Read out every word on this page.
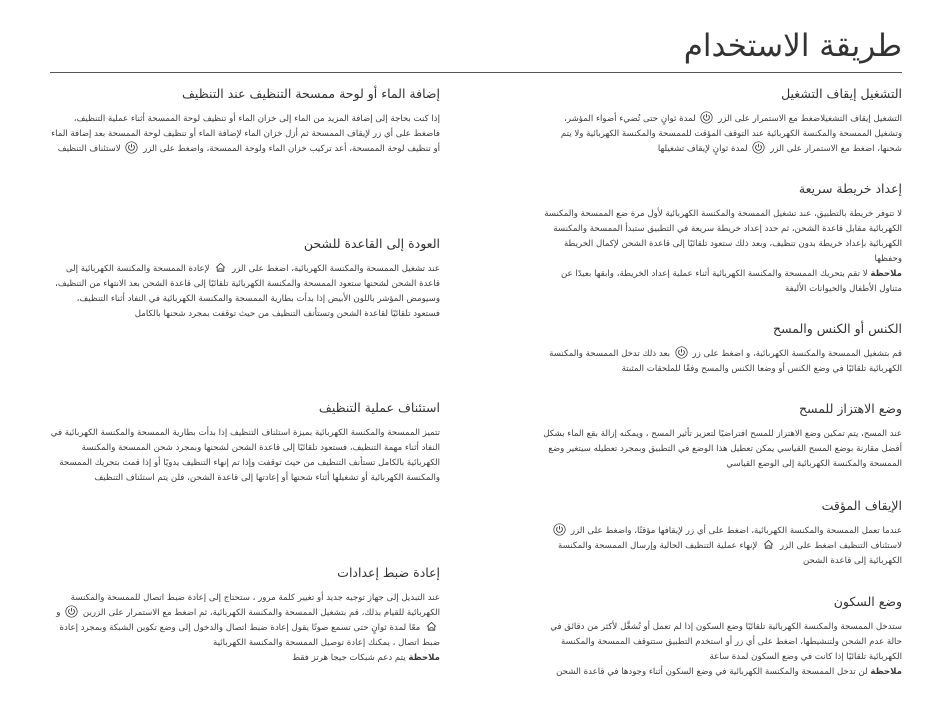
طريقة الاستخدام
التشغيل إيقاف التشغيل

التشغيل إيقاف التشغيلاضغط مع الاستمرار على الزر
لمدة ثوانٍ حتى تُضيء أضواء المؤشر، وتشغيل الممسحة والمكنسة الكهربائية عند التوقف المؤقت للممسحة والمكنسة الكهربائية ولا يتم شحنها، اضغط مع الاستمرار على الزر
لمدة ثوانٍ لإيقاف تشغيلها

إعداد خريطة سريعة

لا تتوفر خريطة بالتطبيق، عند تشغيل الممسحة والمكنسة الكهربائية لأول مرة ضع الممسحة والمكنسة الكهربائية مقابل قاعدة الشحن، ثم حدد إعداد خريطة سريعة في التطبيق ستبدأ الممسحة والمكنسة الكهربائية بإعداد خريطة بدون تنظيف، وبعد ذلك ستعود تلقائيًا إلى قاعدة الشحن لإكمال الخريطة وحفظها

ملاحظة لا تقم بتحريك الممسحة والمكنسة الكهربائية أثناء عملية إعداد الخريطة، وابقها بعيدًا عن متناول الأطفال والحيوانات الأليفة

الكنس أو الكنس والمسح

قم بتشغيل الممسحة والمكنسة الكهربائية، و اضغط على زر
بعد ذلك تدخل الممسحة والمكنسة الكهربائية تلقائيًا في وضع الكنس أو وضعا الكنس والمسح وفقًا للملحقات المثبتة

وضع الاهتزاز للمسح

عند المسح، يتم تمكين وضع الاهتزاز للمسح افتراضيًا لتعزيز تأثير المسح ، ويمكنه إزالة بقع الماء بشكل أفضل مقارنة بوضع المسح القياسي يمكن تعطيل هذا الوضع في التطبيق وبمجرد تعطيله سيتغير وضع الممسحة والمكنسة الكهربائية إلى الوضع القياسي

الإيقاف المؤقت

عندما تعمل الممسحة والمكنسة الكهربائية، اضغط على أي زر لإيقافها مؤقتًا، واضغط على الزر
لاستئناف التنظيف اضغط على الزر
لإنهاء عملية التنظيف الحالية وإرسال الممسحة والمكنسة الكهربائية إلى قاعدة الشحن

وضع السكون

ستدخل الممسحة والمكنسة الكهربائية تلقائيًا وضع السكون إذا لم تعمل أو تُشغَّل لأكثر من دقائق في حالة عدم الشحن ولتنشيطها، اضغط على أي زر أو استخدم التطبيق ستتوقف الممسحة والمكنسة الكهربائية تلقائيًا إذا كانت في وضع السكون لمدة ساعة

ملاحظة لن تدخل الممسحة والمكنسة الكهربائية في وضع السكون أثناء وجودها في قاعدة الشحن

إضافة الماء أو لوحة ممسحة التنظيف عند التنظيف

إذا كنت بحاجة إلى إضافة المزيد من الماء إلى خزان الماء أو تنظيف لوحة الممسحة أثناء عملية التنظيف، فاضغط على أي زر لإيقاف الممسحة ثم أزل خزان الماء لإضافة الماء أو تنظيف لوحة الممسحة بعد إضافة الماء أو تنظيف لوحة الممسحة، أعد تركيب خزان الماء ولوحة الممسحة، واضغط على الزر
لاستئناف التنظيف

العودة إلى القاعدة للشحن

عند تشغيل الممسحة والمكنسة الكهربائية، اضغط على الزر
لإعادة الممسحة والمكنسة الكهربائية إلى قاعدة الشحن لشحنها ستعود الممسحة والمكنسة الكهربائية تلقائيًا إلى قاعدة الشحن بعد الانتهاء من التنظيف، وسيومض المؤشر باللون الأبيض إذا بدأت بطارية الممسحة والمكنسة الكهربائية في النفاد أثناء التنظيف، فستعود تلقائيًا لقاعدة الشحن وتستأنف التنظيف من حيث توقفت بمجرد شحنها بالكامل

استئناف عملية التنظيف

تتميز الممسحة والمكنسة الكهربائية بميزة استئناف التنظيف إذا بدأت بطارية الممسحة والمكنسة الكهربائية في النفاد أثناء مهمة التنظيف، فستعود تلقائيًا إلى قاعدة الشحن لشحنها وبمجرد شحن الممسحة والمكنسة الكهربائية بالكامل تستأنف التنظيف من حيث توقفت وإذا تم إنهاء التنظيف يدويًا أو إذا قمت بتحريك الممسحة والمكنسة الكهربائية أو تشغيلها أثناء شحنها أو إعادتها إلى قاعدة الشحن، فلن يتم استئناف التنظيف

إعادة ضبط إعدادات

عند التبديل إلى جهاز توجيه جديد أو تغيير كلمة مرور ، ستحتاج إلى إعادة ضبط اتصال للممسحة والمكنسة الكهربائية للقيام بذلك، قم بتشغيل الممسحة والمكنسة الكهربائية، ثم اضغط مع الاستمرار على الزرين
و
معًا لمدة ثوانٍ حتى تسمع صوتًا يقول إعادة ضبط اتصال والدخول إلى وضع تكوين الشبكة وبمجرد إعادة ضبط اتصال ، يمكنك إعادة توصيل الممسحة والمكنسة الكهربائية

ملاحظة يتم دعم شبكات جيجا هرتز فقط
